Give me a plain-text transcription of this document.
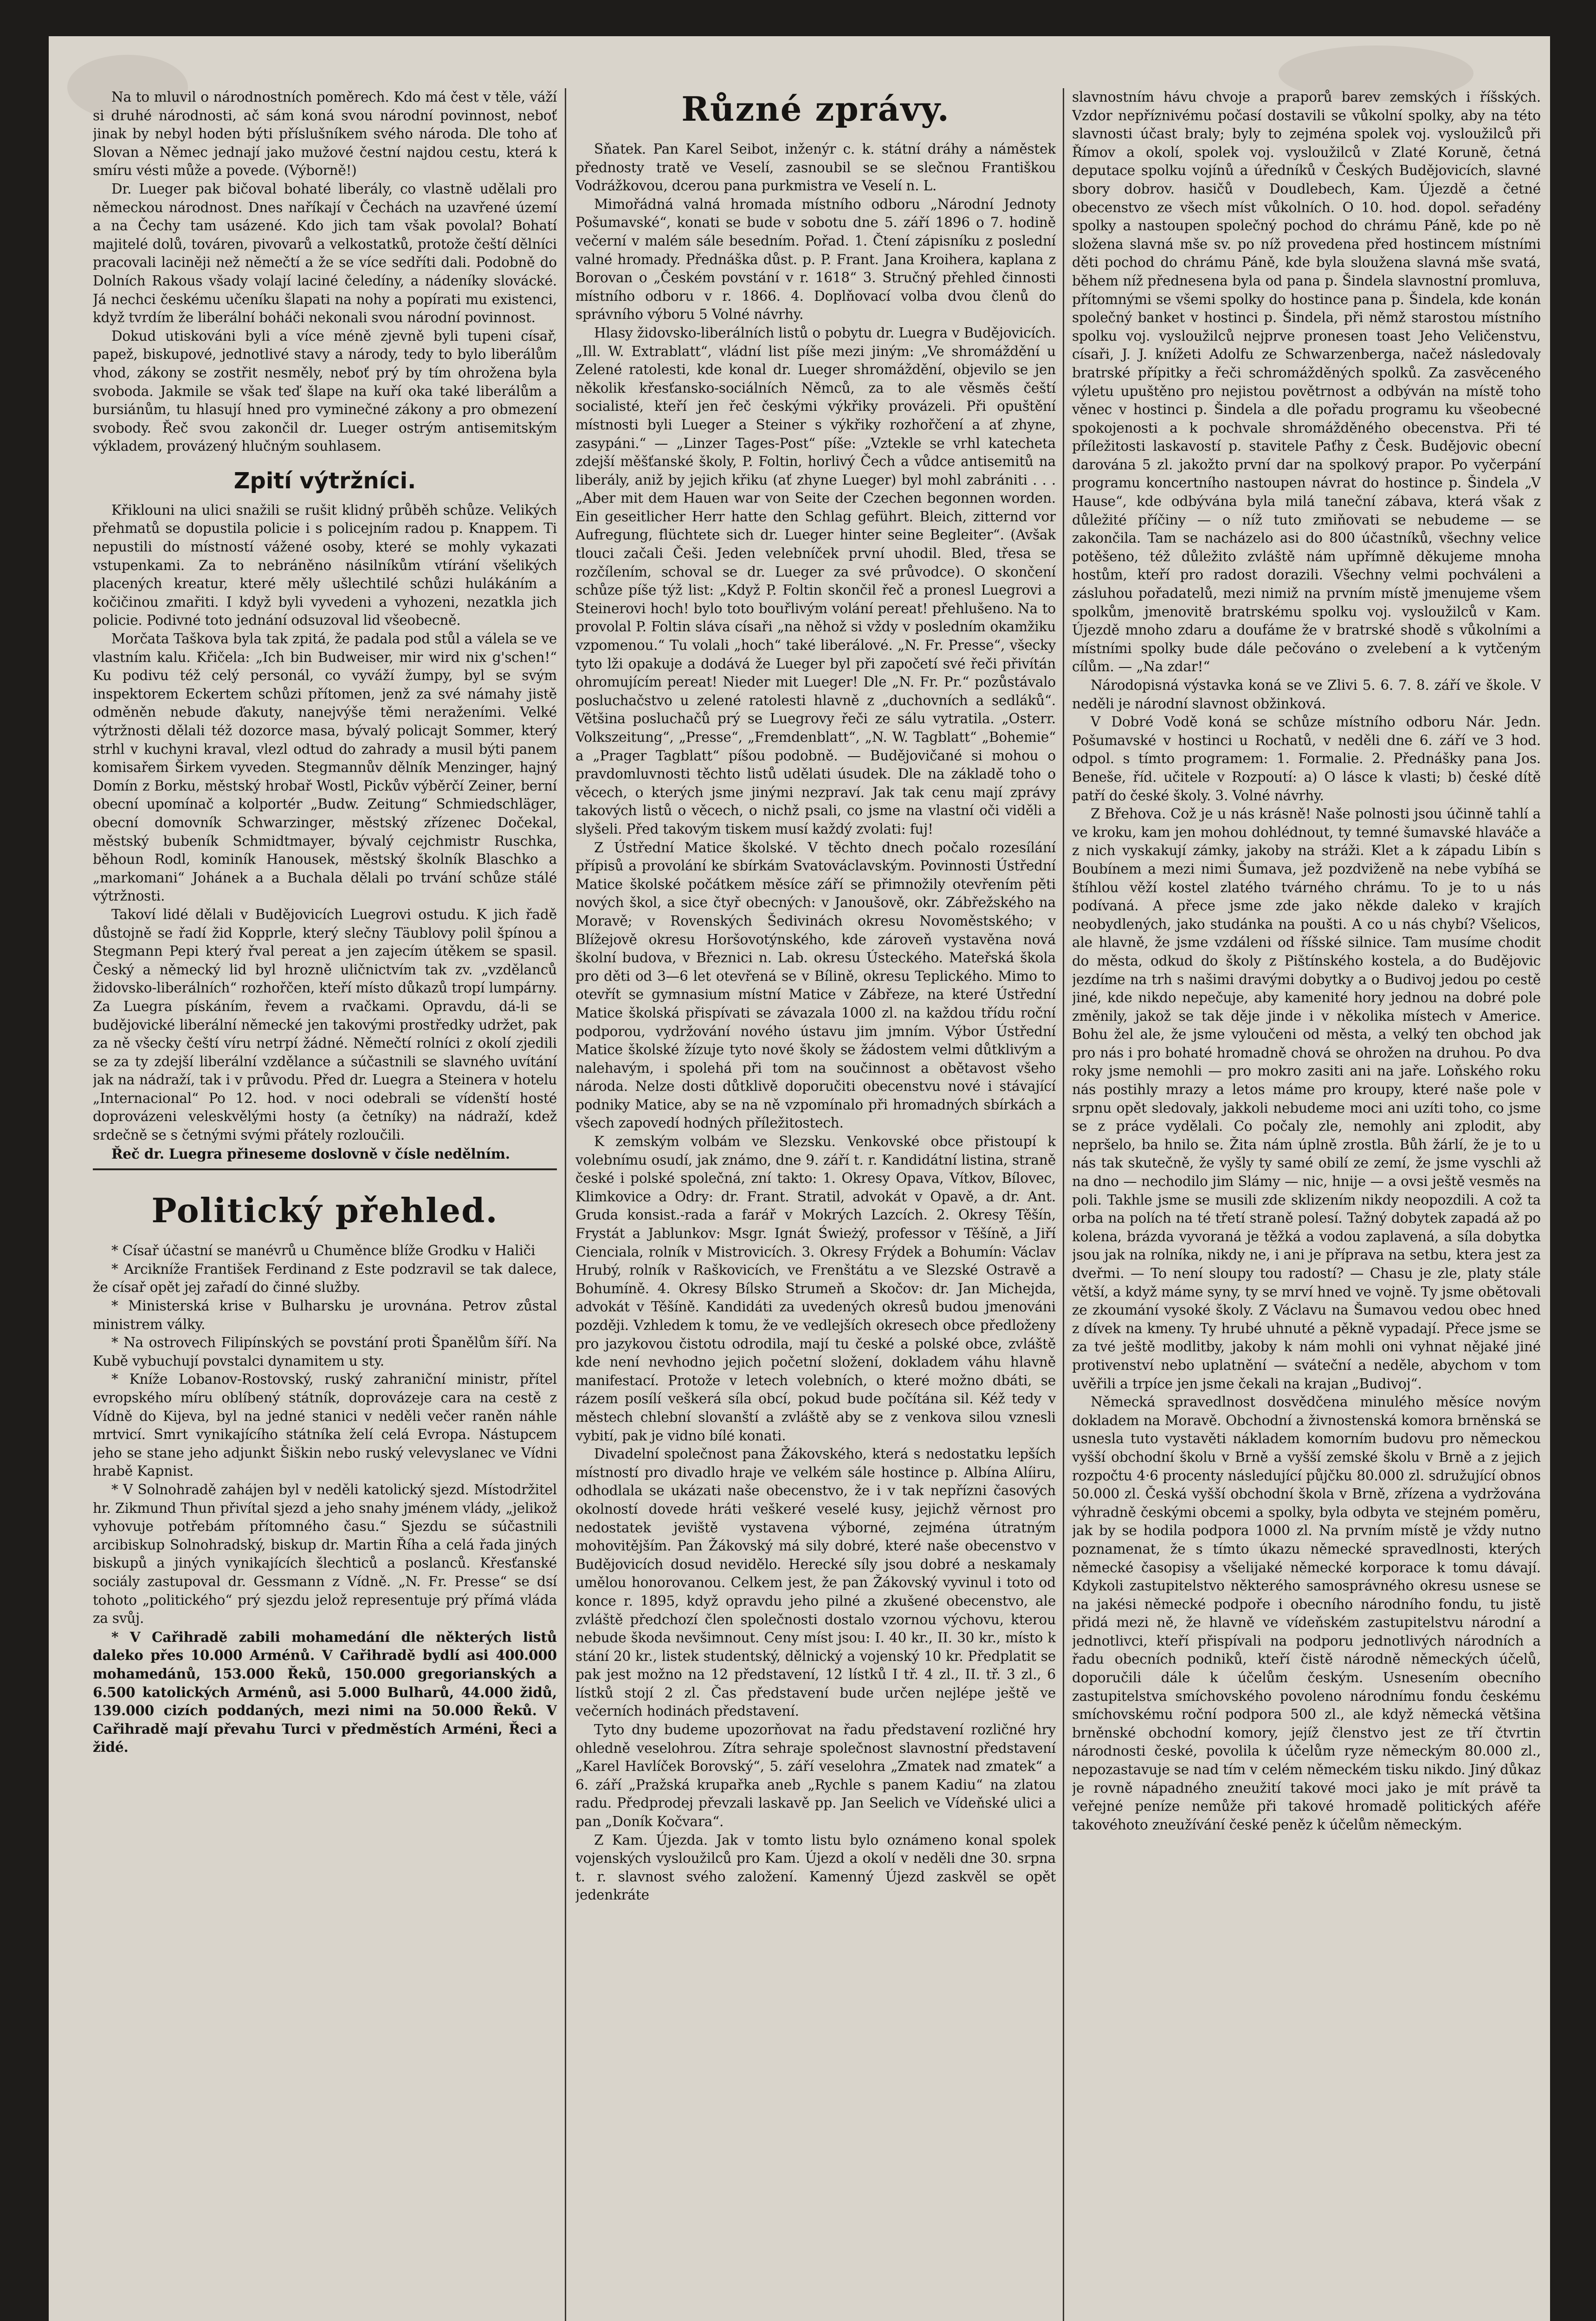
Na to mluvil o národnostních poměrech. Kdo má čest v těle, váží si druhé národnosti, ač sám koná svou národní povinnost, neboť jinak by nebyl hoden býti příslušníkem svého národa. Dle toho ať Slovan a Němec jednají jako mužové čestní najdou cestu, která k smíru vésti může a povede. (Výborně!)

Dr. Lueger pak bičoval bohaté liberály, co vlastně udělali pro německou národnost. Dnes naříkají v Čechách na uzavřené území a na Čechy tam usázené. Kdo jich tam však povolal? Bohatí majitelé dolů, továren, pivovarů a velkostatků, protože čeští dělníci pracovali laciněji než němečtí a že se více sedříti dali. Podobně do Dolních Rakous všady volají laciné čeledíny, a nádeníky slovácké. Já nechci českému učeníku šlapati na nohy a popírati mu existenci, když tvrdím že liberální boháči nekonali svou národní povinnost.

Dokud utiskováni byli a více méně zjevně byli tupeni císař, papež, biskupové, jednotlivé stavy a národy, tedy to bylo liberálům vhod, zákony se zostřit nesměly, neboť prý by tím ohrožena byla svoboda. Jakmile se však teď šlape na kuří oka také liberálům a bursiánům, tu hlasují hned pro vyminečné zákony a pro obmezení svobody. Řeč svou zakončil dr. Lueger ostrým antisemitským výkladem, provázený hlučným souhlasem.

Zpití výtržníci.

Křiklouni na ulici snažili se rušit klidný průběh schůze. Velikých přehmatů se dopustila policie i s policejním radou p. Knappem. Ti nepustili do místností vážené osoby, které se mohly vykazati vstupenkami. Za to nebráněno násilníkům vtírání všelikých placených kreatur, které měly ušlechtilé schůzi hulákáním a kočičinou zmařiti. I když byli vyvedeni a vyhozeni, nezatkla jich policie. Podivné toto jednání odsuzoval lid všeobecně.

Morčata Taškova byla tak zpitá, že padala pod stůl a válela se ve vlastním kalu. Křičela: „Ich bin Budweiser, mir wird nix g'schen!“ Ku podivu též celý personál, co vyváží žumpy, byl se svým inspektorem Eckertem schůzi přítomen, jenž za své námahy jistě odměněn nebude ďakuty, nanejvýše těmi neraženími. Velké výtržnosti dělali též dozorce masa, bývalý policajt Sommer, který strhl v kuchyni kraval, vlezl odtud do zahrady a musil býti panem komisařem Širkem vyveden. Stegmannův dělník Menzinger, hajný Domín z Borku, městský hrobař Wostl, Pickův výběrčí Zeiner, berní obecní upomínač a kolportér „Budw. Zeitung“ Schmiedschläger, obecní domovník Schwarzinger, městský zřízenec Dočekal, městský bubeník Schmidtmayer, bývalý cejchmistr Ruschka, běhoun Rodl, kominík Hanousek, městský školník Blaschko a „markomani“ Johánek a a Buchala dělali po trvání schůze stálé výtržnosti.

Takoví lidé dělali v Budějovicích Luegrovi ostudu. K jich řadě důstojně se řadí žid Kopprle, který slečny Täublovy polil špínou a Stegmann Pepi který řval pereat a jen zajecím útěkem se spasil. Český a německý lid byl hrozně uličnictvím tak zv. „vzdělanců židovsko-liberálních“ rozhořčen, kteří místo důkazů tropí lumpárny. Za Luegra pískáním, řevem a rvačkami. Opravdu, dá-li se budějovické liberální německé jen takovými prostředky udržet, pak za ně všecky čeští víru netrpí žádné. Němečtí rolníci z okolí zjedili se za ty zdejší liberální vzdělance a súčastnili se slavného uvítání jak na nádraží, tak i v průvodu. Před dr. Luegra a Steinera v hotelu „Internacional“ Po 12. hod. v noci odebrali se vídenští hosté doprovázeni veleskvělými hosty (a četníky) na nádraží, kdež srdečně se s četnými svými přátely rozloučili.

Řeč dr. Luegra přineseme doslovně v čísle nedělním.

Politický přehled.

* Císař účastní se manévrů u Chuměnce blíže Grodku v Haliči

* Arcikníže František Ferdinand z Este podzravil se tak dalece, že císař opět jej zařadí do činné služby.

* Ministerská krise v Bulharsku je urovnána. Petrov zůstal ministrem války.

* Na ostrovech Filipínských se povstání proti Španělům šíří. Na Kubě vybuchují povstalci dynamitem u sty.

* Kníže Lobanov-Rostovský, ruský zahraniční ministr, přítel evropského míru oblíbený státník, doprovázeje cara na cestě z Vídně do Kijeva, byl na jedné stanici v neděli večer raněn náhle mrtvicí. Smrt vynikajícího státníka želí celá Evropa. Nástupcem jeho se stane jeho adjunkt Šiškin nebo ruský velevyslanec ve Vídni hrabě Kapnist.

* V Solnohradě zahájen byl v neděli katolický sjezd. Místodržitel hr. Zikmund Thun přivítal sjezd a jeho snahy jménem vlády, „jelikož vyhovuje potřebám přítomného času.“ Sjezdu se súčastnili arcibiskup Solnohradský, biskup dr. Martin Říha a celá řada jiných biskupů a jiných vynikajících šlechticů a poslanců. Křesťanské sociály zastupoval dr. Gessmann z Vídně. „N. Fr. Presse“ se dsí tohoto „politického“ prý sjezdu jelož representuje prý přímá vláda za svůj.

* V Cařihradě zabili mohamedání dle některých listů daleko přes 10.000 Arménů. V Cařihradě bydlí asi 400.000 mohamedánů, 153.000 Řeků, 150.000 gregorianských a 6.500 katolických Arménů, asi 5.000 Bulharů, 44.000 židů, 139.000 cizích poddaných, mezi nimi na 50.000 Řeků. V Cařihradě mají převahu Turci v předměstích Arméni, Řeci a židé.

Různé zprávy.

Sňatek. Pan Karel Seibot, inženýr c. k. státní dráhy a náměstek přednosty tratě ve Veselí, zasnoubil se se slečnou Františkou Vodrážkovou, dcerou pana purkmistra ve Veselí n. L.

Mimořádná valná hromada místního odboru „Národní Jednoty Pošumavské“, konati se bude v sobotu dne 5. září 1896 o 7. hodině večerní v malém sále besedním. Pořad. 1. Čtení zápisníku z poslední valné hromady. Přednáška důst. p. P. Frant. Jana Kroihera, kaplana z Borovan o „Českém povstání v r. 1618“ 3. Stručný přehled činnosti místního odboru v r. 1866. 4. Doplňovací volba dvou členů do správního výboru 5 Volné návrhy.

Hlasy židovsko-liberálních listů o pobytu dr. Luegra v Budějovicích. „Ill. W. Extrablatt“, vládní list píše mezi jiným: „Ve shromáždění u Zelené ratolesti, kde konal dr. Lueger shromáždění, objevilo se jen několik křesťansko-sociálních Němců, za to ale věsměs čeští socialisté, kteří jen řeč českými výkřiky provázeli. Při opuštění místnosti byli Lueger a Steiner s výkřiky rozhořčení a ať zhyne, zasypáni.“ — „Linzer Tages-Post“ píše: „Vztekle se vrhl katecheta zdejší měšťanské školy, P. Foltin, horlivý Čech a vůdce antisemitů na liberály, aniž by jejich křiku (ať zhyne Lueger) byl mohl zabrániti . . . „Aber mit dem Hauen war von Seite der Czechen begonnen worden. Ein geseitlicher Herr hatte den Schlag geführt. Bleich, zitternd vor Aufregung, flüchtete sich dr. Lueger hinter seine Begleiter“. (Avšak tlouci začali Češi. Jeden velebníček první uhodil. Bled, třesa se rozčílením, schoval se dr. Lueger za své průvodce). O skončení schůze píše týž list: „Když P. Foltin skončil řeč a pronesl Luegrovi a Steinerovi hoch! bylo toto bouřlivým volání pereat! přehlušeno. Na to provolal P. Foltin sláva císaři „na něhož si vždy v posledním okamžiku vzpomenou.“ Tu volali „hoch“ také liberálové. „N. Fr. Presse“, všecky tyto lži opakuje a dodává že Lueger byl při započetí své řeči přivítán ohromujícím pereat! Nieder mit Lueger! Dle „N. Fr. Pr.“ pozůstávalo posluchačstvo u zelené ratolesti hlavně z „duchovních a sedláků“. Většina posluchačů prý se Luegrovy řeči ze sálu vytratila. „Osterr. Volkszeitung“, „Presse“, „Fremdenblatt“, „N. W. Tagblatt“ „Bohemie“ a „Prager Tagblatt“ píšou podobně. — Budějovičané si mohou o pravdomluvnosti těchto listů udělati úsudek. Dle na základě toho o věcech, o kterých jsme jinými nezpraví. Jak tak cenu mají zprávy takových listů o věcech, o nichž psali, co jsme na vlastní oči viděli a slyšeli. Před takovým tiskem musí každý zvolati: fuj!

Z Ústřední Matice školské. V těchto dnech počalo rozesílání přípisů a provolání ke sbírkám Svatováclavským. Povinnosti Ústřední Matice školské počátkem měsíce září se přimnožily otevřením pěti nových škol, a sice čtyř obecných: v Janoušově, okr. Zábřežského na Moravě; v Rovenských Šedivinách okresu Novoměstského; v Blížejově okresu Horšovotýnského, kde zároveň vystavěna nová školní budova, v Březnici n. Lab. okresu Ústeckého. Mateřská škola pro děti od 3—6 let otevřená se v Bílině, okresu Teplického. Mimo to otevřít se gymnasium místní Matice v Zábřeze, na které Ústřední Matice školská přispívati se závazala 1000 zl. na každou třídu roční podporou, vydržování nového ústavu jim jmním. Výbor Ústřední Matice školské žízuje tyto nové školy se žádostem velmi důtklivým a nalehavým, i spolehá při tom na součinnost a obětavost všeho národa. Nelze dosti důtklivě doporučiti obecenstvu nové i stávající podniky Matice, aby se na ně vzpomínalo při hromadných sbírkách a všech zapovedí hodných příležitostech.

K zemským volbám ve Slezsku. Venkovské obce přistoupí k volebnímu osudí, jak známo, dne 9. září t. r. Kandidátní listina, straně české i polské společná, zní takto: 1. Okresy Opava, Vítkov, Bílovec, Klimkovice a Odry: dr. Frant. Stratil, advokát v Opavě, a dr. Ant. Gruda konsist.-rada a farář v Mokrých Lazcích. 2. Okresy Těšín, Frystát a Jablunkov: Msgr. Ignát Świeżý, professor v Těšíně, a Jiří Cienciala, rolník v Mistrovicích. 3. Okresy Frýdek a Bohumín: Václav Hrubý, rolník v Raškovicích, ve Frenštátu a ve Slezské Ostravě a Bohumíně. 4. Okresy Bílsko Strumeň a Skočov: dr. Jan Michejda, advokát v Těšíně. Kandidáti za uvedených okresů budou jmenováni později. Vzhledem k tomu, že ve vedlejších okresech obce předloženy pro jazykovou čistotu odrodila, mají tu české a polské obce, zvláště kde není nevhodno jejich početní složení, dokladem váhu hlavně manifestací. Protože v letech volebních, o které možno dbáti, se rázem posílí veškerá síla obcí, pokud bude počítána sil. Kéž tedy v městech chlební slovanští a zvláště aby se z venkova silou vznesli vybití, pak je vidno bílé konati.

Divadelní společnost pana Žákovského, která s nedostatku lepších místností pro divadlo hraje ve velkém sále hostince p. Albína Alíiru, odhodlala se ukázati naše obecenstvo, že i v tak nepřízni časových okolností dovede hráti veškeré veselé kusy, jejichž věrnost pro nedostatek jeviště vystavena výborné, zejména útratným mohovitějším. Pan Žákovský má sily dobré, které naše obecenstvo v Budějovicích dosud nevidělo. Herecké síly jsou dobré a neskamaly umělou honorovanou. Celkem jest, že pan Žákovský vyvinul i toto od konce r. 1895, když opravdu jeho pilné a zkušené obecenstvo, ale zvláště předchozí člen společnosti dostalo vzornou výchovu, kterou nebude škoda nevšimnout. Ceny míst jsou: I. 40 kr., II. 30 kr., místo k stání 20 kr., listek studentský, dělnický a vojenský 10 kr. Předplatit se pak jest možno na 12 představení, 12 lístků I tř. 4 zl., II. tř. 3 zl., 6 lístků stojí 2 zl. Čas představení bude určen nejlépe ještě ve večerních hodinách představení.

Tyto dny budeme upozorňovat na řadu představení rozličné hry ohledně veselohrou. Zítra sehraje společnost slavnostní představení „Karel Havlíček Borovský“, 5. září veselohra „Zmatek nad zmatek“ a 6. září „Pražská krupařka aneb „Rychle s panem Kadiu“ na zlatou radu. Předprodej převzali laskavě pp. Jan Seelich ve Vídeňské ulici a pan „Doník Kočvara“.

Z Kam. Újezda. Jak v tomto listu bylo oznámeno konal spolek vojenských vysloužilců pro Kam. Újezd a okolí v neděli dne 30. srpna t. r. slavnost svého založení. Kamenný Újezd zaskvěl se opět jedenkráte

slavnostním hávu chvoje a praporů barev zemských i říšských. Vzdor nepříznivému počasí dostavili se vůkolní spolky, aby na této slavnosti účast braly; byly to zejména spolek voj. vysloužilců při Římov a okolí, spolek voj. vysloužilců v Zlaté Koruně, četná deputace spolku vojínů a úředníků v Českých Budějovicích, slavné sbory dobrov. hasičů v Doudlebech, Kam. Újezdě a četné obecenstvo ze všech míst vůkolních. O 10. hod. dopol. seřadény spolky a nastoupen společný pochod do chrámu Páně, kde po ně složena slavná mše sv. po níž provedena před hostincem místními děti pochod do chrámu Páně, kde byla sloužena slavná mše svatá, během níž přednesena byla od pana p. Šindela slavnostní promluva, přítomnými se všemi spolky do hostince pana p. Šindela, kde konán společný banket v hostinci p. Šindela, při němž starostou místního spolku voj. vysloužilců nejprve pronesen toast Jeho Veličenstvu, císaři, J. J. knížeti Adolfu ze Schwarzenberga, načež následovaly bratrské přípitky a řeči schromážděných spolků. Za zasvěceného výletu upuštěno pro nejistou povětrnost a odbýván na místě toho věnec v hostinci p. Šindela a dle pořadu programu ku všeobecné spokojenosti a k pochvale shromážděného obecenstva. Při té příležitosti laskavostí p. stavitele Paťhy z Česk. Budějovic obecní darována 5 zl. jakožto první dar na spolkový prapor. Po vyčerpání programu koncertního nastoupen návrat do hostince p. Šindela „V Hause“, kde odbývána byla milá taneční zábava, která však z důležité příčiny — o níž tuto zmiňovati se nebudeme — se zakončila. Tam se nacházelo asi do 800 účastníků, všechny velice potěšeno, též důležito zvláště nám upřímně děkujeme mnoha hostům, kteří pro radost dorazili. Všechny velmi pochváleni a zásluhou pořadatelů, mezi nimiž na prvním místě jmenujeme všem spolkům, jmenovitě bratrskému spolku voj. vysloužilců v Kam. Újezdě mnoho zdaru a doufáme že v bratrské shodě s vůkolními a místními spolky bude dále pečováno o zvelebení a k vytčeným cílům. — „Na zdar!“

Národopisná výstavka koná se ve Zlivi 5. 6. 7. 8. září ve škole. V neděli je národní slavnost obžinková.

V Dobré Vodě koná se schůze místního odboru Nár. Jedn. Pošumavské v hostinci u Rochatů, v neděli dne 6. září ve 3 hod. odpol. s tímto programem: 1. Formalie. 2. Přednášky pana Jos. Beneše, říd. učitele v Rozpoutí: a) O lásce k vlasti; b) české dítě patří do české školy. 3. Volné návrhy.

Z Břehova. Což je u nás krásně! Naše polnosti jsou účinně tahlí a ve kroku, kam jen mohou dohlédnout, ty temné šumavské hlaváče a z nich vyskakují zámky, jakoby na stráži. Klet a k západu Libín s Boubínem a mezi nimi Šumava, jež pozdviženě na nebe vybíhá se štíhlou věží kostel zlatého tvárného chrámu. To je to u nás podívaná. A přece jsme zde jako někde daleko v krajích neobydlených, jako studánka na poušti. A co u nás chybí? Všelicos, ale hlavně, že jsme vzdáleni od říšské silnice. Tam musíme chodit do města, odkud do školy z Pištínského kostela, a do Budějovic jezdíme na trh s našimi dravými dobytky a o Budivoj jedou po cestě jiné, kde nikdo nepečuje, aby kamenité hory jednou na dobré pole změnily, jakož se tak děje jinde i v několika místech v Americe. Bohu žel ale, že jsme vyloučeni od města, a velký ten obchod jak pro nás i pro bohaté hromadně chová se ohrožen na druhou. Po dva roky jsme nemohli — pro mokro zasiti ani na jaře. Loňského roku nás postihly mrazy a letos máme pro kroupy, které naše pole v srpnu opět sledovaly, jakkoli nebudeme moci ani uzíti toho, co jsme se z práce vydělali. Co počaly zle, nemohly ani zplodit, aby nepršelo, ba hnilo se. Žita nám úplně zrostla. Bůh žárlí, že je to u nás tak skutečně, že vyšly ty samé obilí ze zemí, že jsme vyschli až na dno — nechodilo jim Slámy — nic, hnije — a ovsi ještě vesměs na poli. Takhle jsme se musili zde sklizením nikdy neopozdili. A což ta orba na polích na té třetí straně polesí. Tažný dobytek zapadá až po kolena, brázda vyvoraná je těžká a vodou zaplavená, a síla dobytka jsou jak na rolníka, nikdy ne, i ani je příprava na setbu, ktera jest za dveřmi. — To není sloupy tou radostí? — Chasu je zle, platy stále větší, a když máme syny, ty se mrví hned ve vojně. Ty jsme obětovali ze zkoumání vysoké školy. Z Václavu na Šumavou vedou obec hned z dívek na kmeny. Ty hrubé uhnuté a pěkně vypadají. Přece jsme se za tvé ještě modlitby, jakoby k nám mohli oni vyhnat nějaké jiné protivenství nebo uplatnění — sváteční a neděle, abychom v tom uvěřili a trpíce jen jsme čekali na krajan „Budivoj“.

Německá spravedlnost dosvědčena minulého měsíce novým dokladem na Moravě. Obchodní a živnostenská komora brněnská se usnesla tuto vystavěti nákladem komorním budovu pro německou vyšší obchodní školu v Brně a vyšší zemské školu v Brně a z jejich rozpočtu 4·6 procenty následující půjčku 80.000 zl. sdružující obnos 50.000 zl. Česká vyšší obchodní škola v Brně, zřízena a vydržována výhradně českými obcemi a spolky, byla odbyta ve stejném poměru, jak by se hodila podpora 1000 zl. Na prvním místě je vždy nutno poznamenat, že s tímto úkazu německé spravedlnosti, kterých německé časopisy a všelijaké německé korporace k tomu dávají. Kdykoli zastupitelstvo některého samosprávného okresu usnese se na jakési německé podpoře i obecního národního fondu, tu jistě přidá mezi ně, že hlavně ve vídeňském zastupitelstvu národní a jednotlivci, kteří přispívali na podporu jednotlivých národních a řadu obecních podniků, kteří čistě národně německých účelů, doporučili dále k účelům českým. Usnesením obecního zastupitelstva smíchovského povoleno národnímu fondu českému smíchovskému roční podpora 500 zl., ale když německá většina brněnské obchodní komory, jejíž členstvo jest ze tří čtvrtin národnosti české, povolila k účelům ryze německým 80.000 zl., nepozastavuje se nad tím v celém německém tisku nikdo. Jiný důkaz je rovně nápadného zneužití takové moci jako je mít právě ta veřejné peníze nemůže při takové hromadě politických aféře takovéhoto zneužívání české peněz k účelům německým.
